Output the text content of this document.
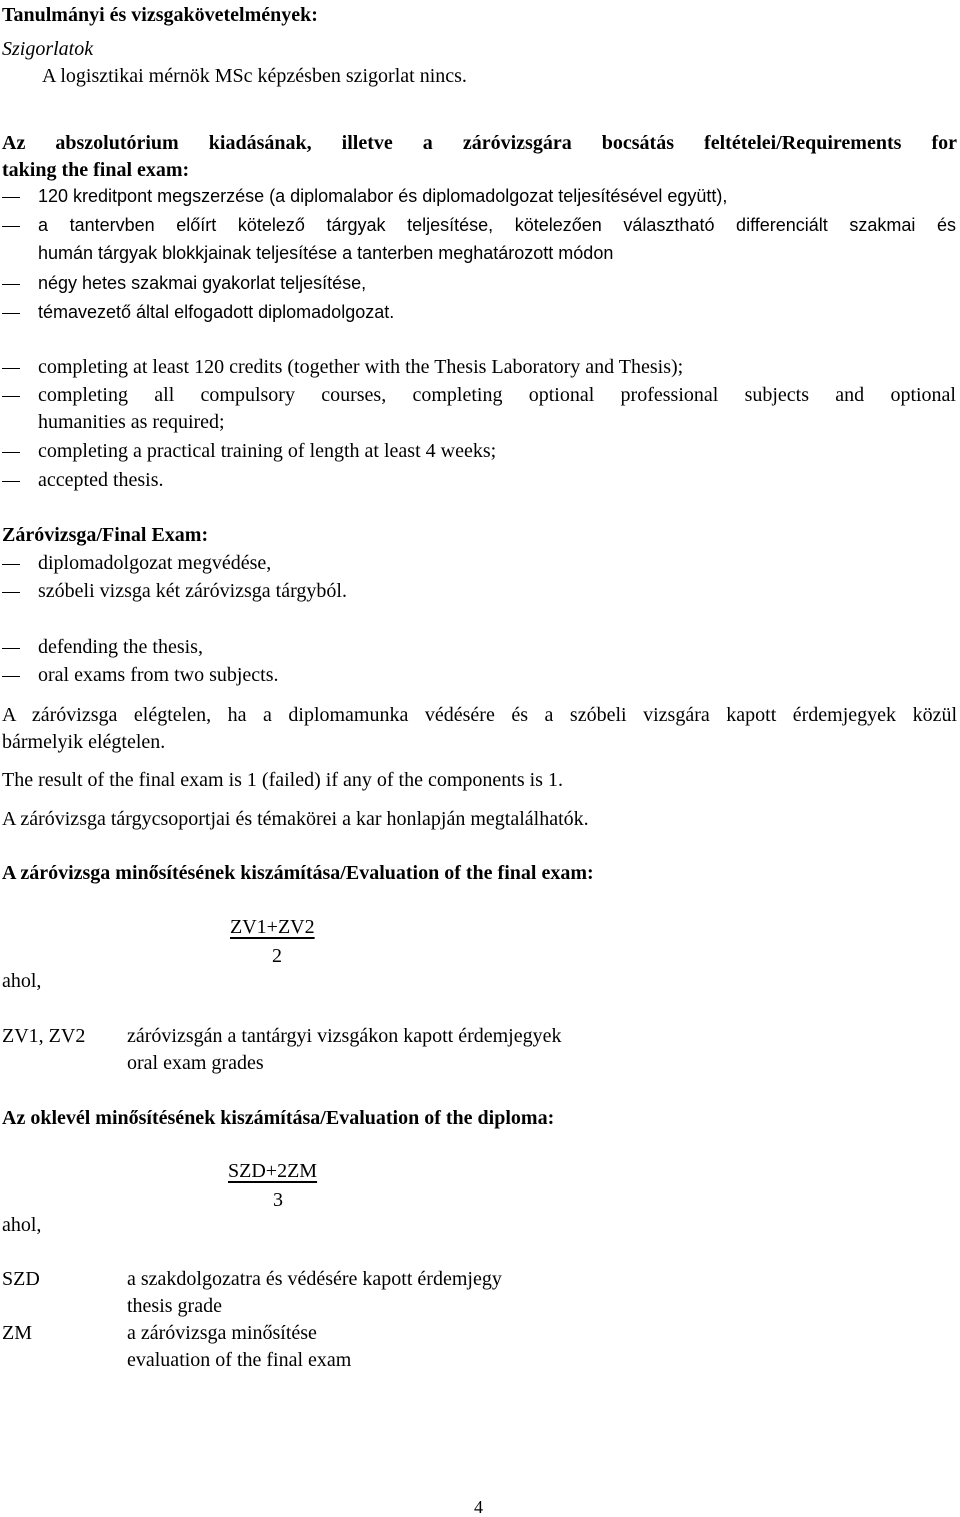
Tanulmányi és vizsgakövetelmények:
Szigorlatok
A logisztikai mérnök MSc képzésben szigorlat nincs.
Az abszolutórium kiadásának, illetve a záróvizsgára bocsátás feltételei/Requirements for
taking the final exam:
120 kreditpont megszerzése (a diplomalabor és diplomadolgozat teljesítésével együtt),
a tantervben előírt kötelező tárgyak teljesítése, kötelezően választható differenciált szakmai és
humán tárgyak blokkjainak teljesítése a tanterben meghatározott módon
négy hetes szakmai gyakorlat teljesítése,
témavezető által elfogadott diplomadolgozat.
completing at least 120 credits (together with the Thesis Laboratory and Thesis);
completing all compulsory courses, completing optional professional subjects and optional
humanities as required;
completing a practical training of length at least 4 weeks;
accepted thesis.
Záróvizsga/Final Exam:
diplomadolgozat megvédése,
szóbeli vizsga két záróvizsga tárgyból.
defending the thesis,
oral exams from two subjects.
A záróvizsga elégtelen, ha a diplomamunka védésére és a szóbeli vizsgára kapott érdemjegyek közül
bármelyik elégtelen.
The result of the final exam is 1 (failed) if any of the components is 1.
A záróvizsga tárgycsoportjai és témakörei a kar honlapján megtalálhatók.
A záróvizsga minősítésének kiszámítása/Evaluation of the final exam:
ZV1+ZV2
2
ahol,
ZV1, ZV2 záróvizsgán a tantárgyi vizsgákon kapott érdemjegyek
oral exam grades
Az oklevél minősítésének kiszámítása/Evaluation of the diploma:
SZD+2ZM
3
ahol,
SZD	a szakdolgozatra és védésére kapott érdemjegy
thesis grade
ZM	a záróvizsga minősítése
evaluation of the final exam
4
